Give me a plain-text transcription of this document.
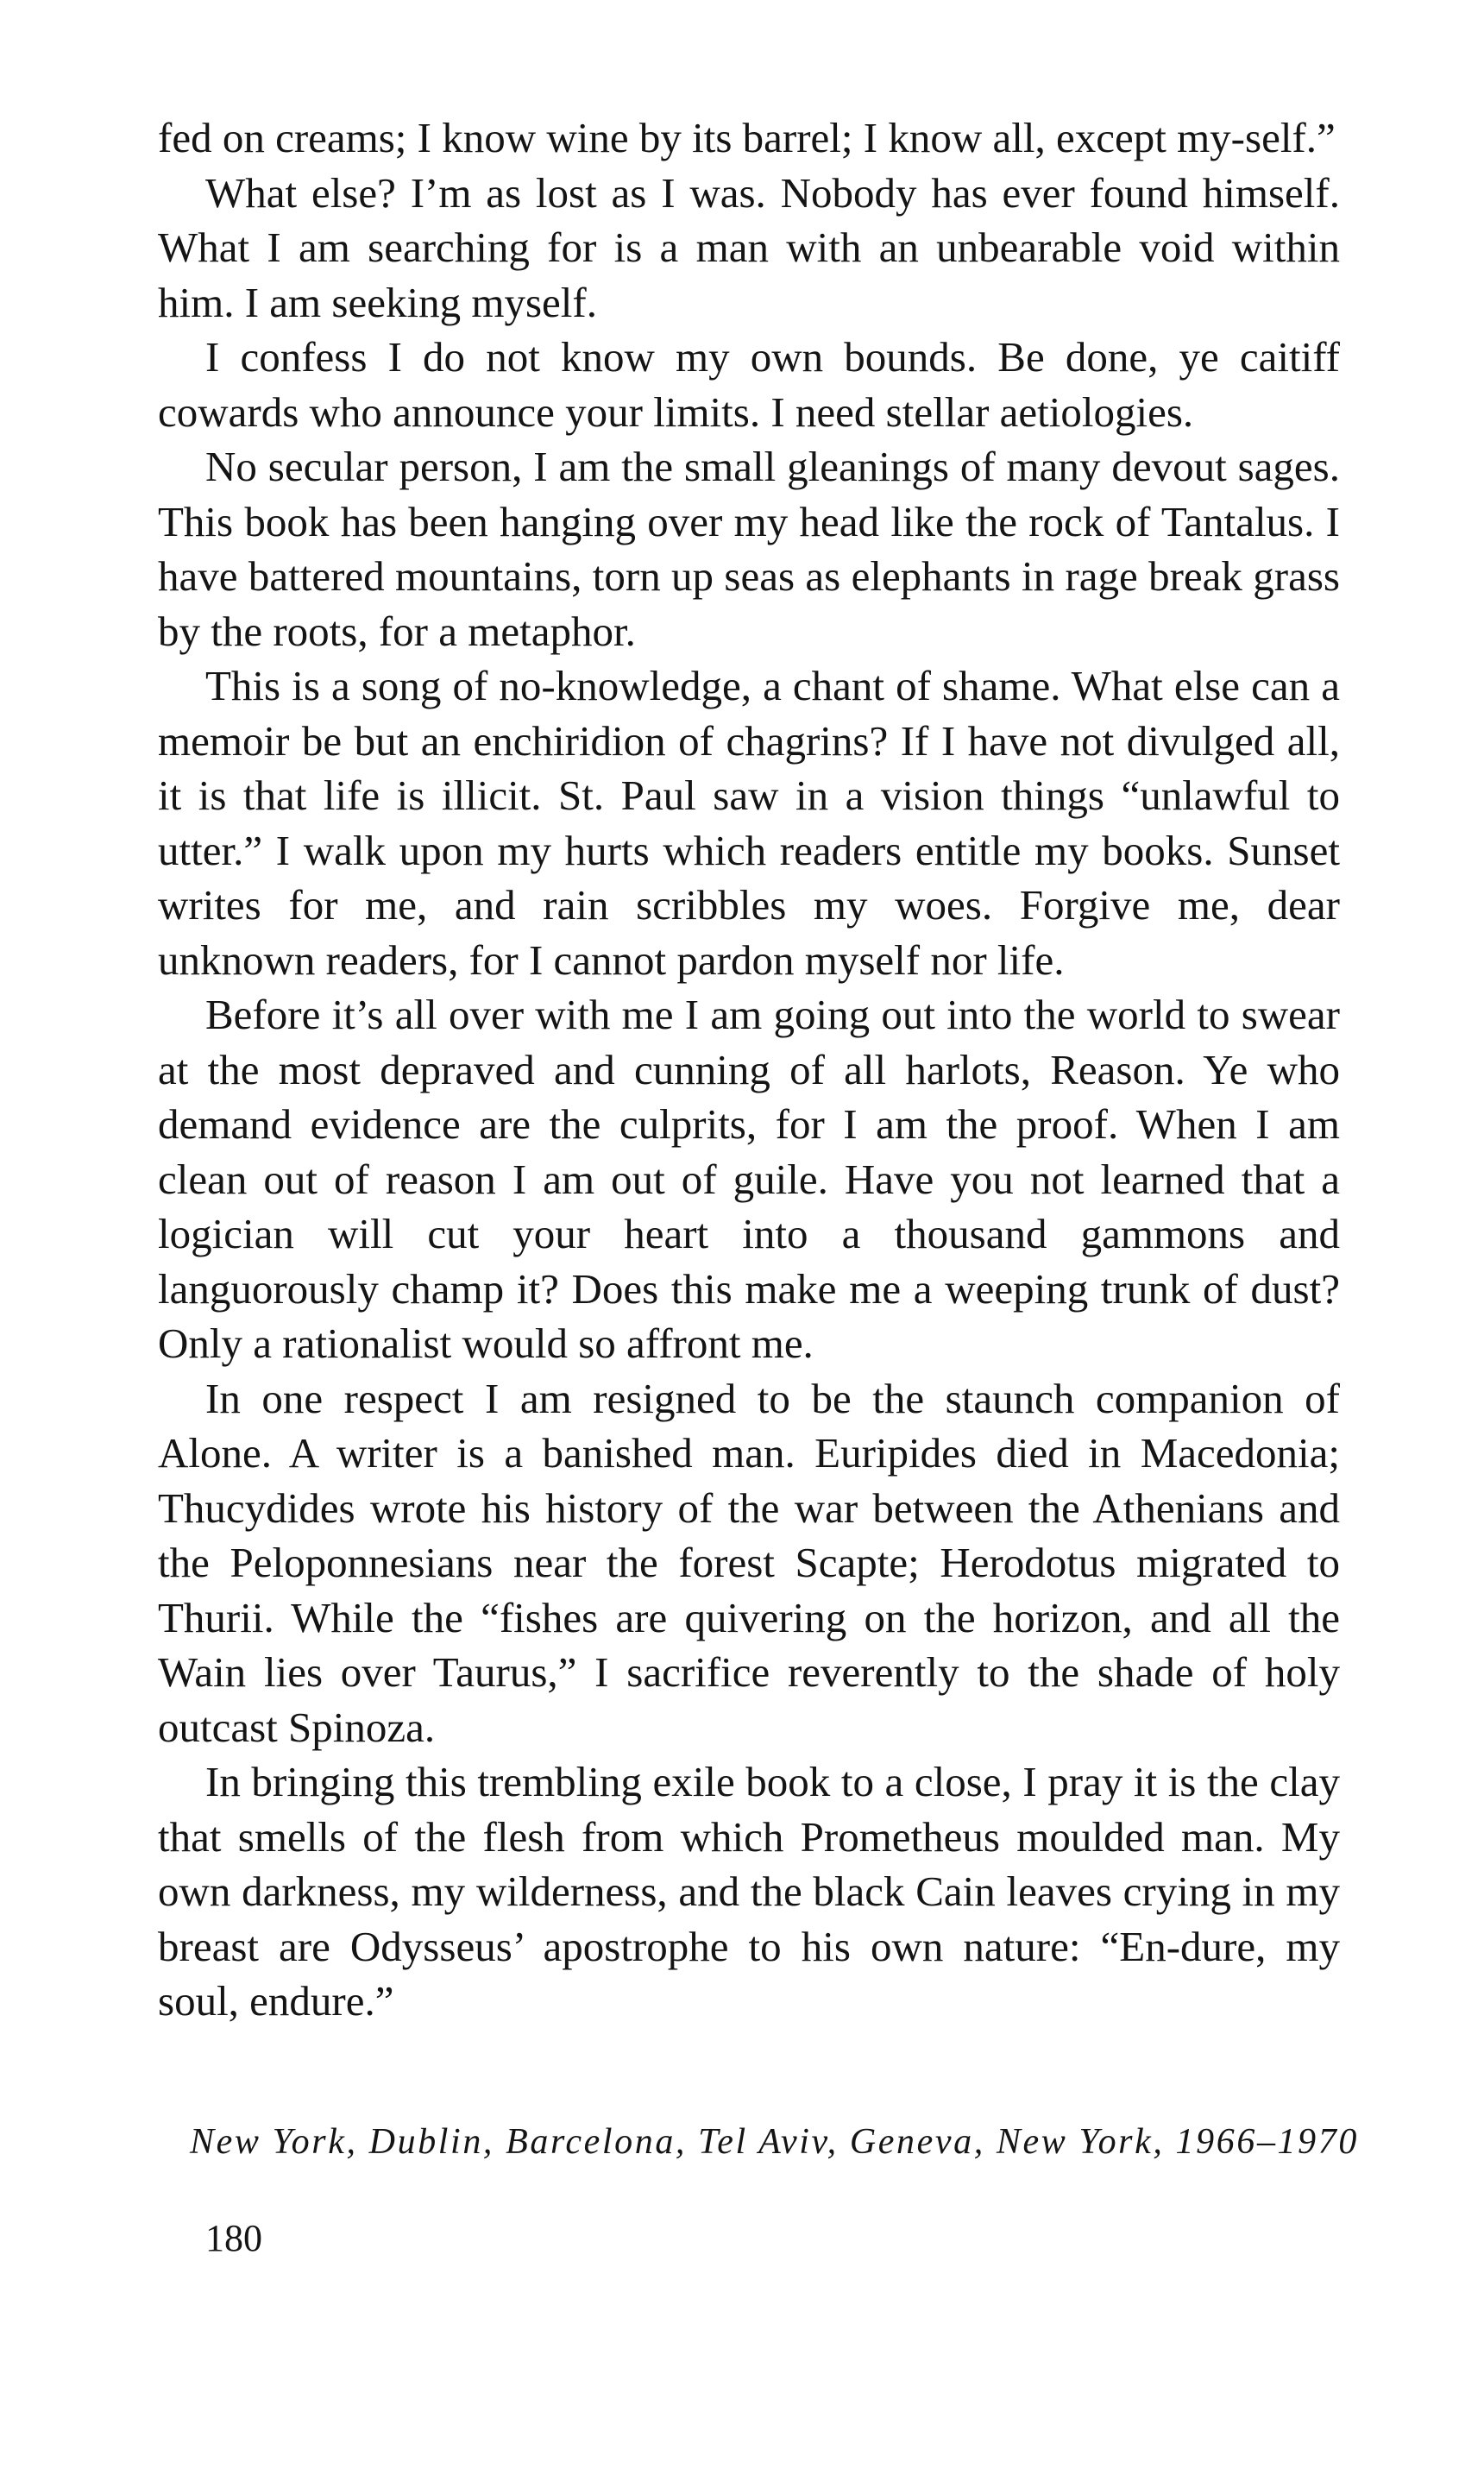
fed on creams; I know wine by its barrel; I know all, except my-self.”

What else? I’m as lost as I was. Nobody has ever found himself. What I am searching for is a man with an unbearable void within him. I am seeking myself.

I confess I do not know my own bounds. Be done, ye caitiff cowards who announce your limits. I need stellar aetiologies.

No secular person, I am the small gleanings of many devout sages. This book has been hanging over my head like the rock of Tantalus. I have battered mountains, torn up seas as elephants in rage break grass by the roots, for a metaphor.

This is a song of no-knowledge, a chant of shame. What else can a memoir be but an enchiridion of chagrins? If I have not divulged all, it is that life is illicit. St. Paul saw in a vision things “unlawful to utter.” I walk upon my hurts which readers entitle my books. Sunset writes for me, and rain scribbles my woes. Forgive me, dear unknown readers, for I cannot pardon myself nor life.

Before it’s all over with me I am going out into the world to swear at the most depraved and cunning of all harlots, Reason. Ye who demand evidence are the culprits, for I am the proof. When I am clean out of reason I am out of guile. Have you not learned that a logician will cut your heart into a thousand gammons and languorously champ it? Does this make me a weeping trunk of dust? Only a rationalist would so affront me.

In one respect I am resigned to be the staunch companion of Alone. A writer is a banished man. Euripides died in Macedonia; Thucydides wrote his history of the war between the Athenians and the Peloponnesians near the forest Scapte; Herodotus migrated to Thurii. While the “fishes are quivering on the horizon, and all the Wain lies over Taurus,” I sacrifice reverently to the shade of holy outcast Spinoza.

In bringing this trembling exile book to a close, I pray it is the clay that smells of the flesh from which Prometheus moulded man. My own darkness, my wilderness, and the black Cain leaves crying in my breast are Odysseus’ apostrophe to his own nature: “En-dure, my soul, endure.”

New York, Dublin, Barcelona, Tel Aviv, Geneva, New York, 1966–1970
180
